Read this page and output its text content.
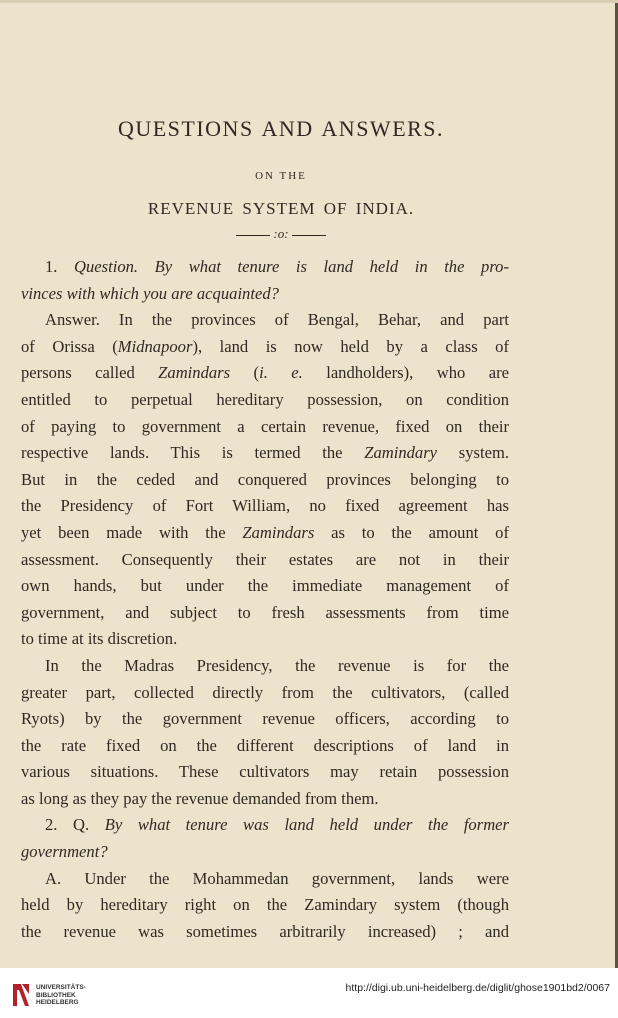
QUESTIONS AND ANSWERS.
ON THE
REVENUE SYSTEM OF INDIA.
:o:
1. Question. By what tenure is land held in the pro-
vinces with which you are acquainted?
Answer. In the provinces of Bengal, Behar, and part
of Orissa (Midnapoor), land is now held by a class of
persons called Zamindars (i. e. landholders), who are
entitled to perpetual hereditary possession, on condition
of paying to government a certain revenue, fixed on their
respective lands. This is termed the Zamindary system.
But in the ceded and conquered provinces belonging to
the Presidency of Fort William, no fixed agreement has
yet been made with the Zamindars as to the amount of
assessment. Consequently their estates are not in their
own hands, but under the immediate management of
government, and subject to fresh assessments from time
to time at its discretion.
In the Madras Presidency, the revenue is for the
greater part, collected directly from the cultivators, (called
Ryots) by the government revenue officers, according to
the rate fixed on the different descriptions of land in
various situations. These cultivators may retain possession
as long as they pay the revenue demanded from them.
2. Q. By what tenure was land held under the former
government?
A. Under the Mohammedan government, lands were
held by hereditary right on the Zamindary system (though
the revenue was sometimes arbitrarily increased) ; and
UNIVERSITÄTS-
BIBLIOTHEK
HEIDELBERG
http://digi.ub.uni-heidelberg.de/diglit/ghose1901bd2/0067
